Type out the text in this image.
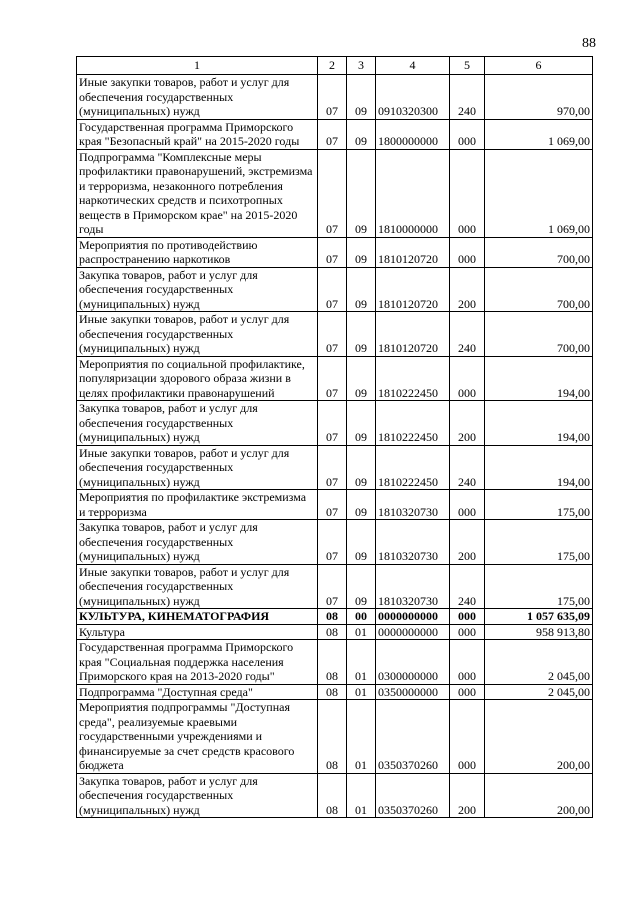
88
1	2	3	4	5	6
Иные закупки товаров, работ и услуг для обеспечения государственных (муниципальных) нужд	07	09	0910320300	240	970,00
Государственная программа Приморского края "Безопасный край" на 2015-2020 годы	07	09	1800000000	000	1 069,00
Подпрограмма "Комплексные меры профилактики правонарушений, экстремизма и терроризма, незаконного потребления наркотических средств и психотропных веществ в Приморском крае" на 2015-2020 годы	07	09	1810000000	000	1 069,00
Мероприятия по противодействию распространению наркотиков	07	09	1810120720	000	700,00
Закупка товаров, работ и услуг для обеспечения государственных (муниципальных) нужд	07	09	1810120720	200	700,00
Иные закупки товаров, работ и услуг для обеспечения государственных (муниципальных) нужд	07	09	1810120720	240	700,00
Мероприятия по социальной профилактике, популяризации здорового образа жизни в целях профилактики правонарушений	07	09	1810222450	000	194,00
Закупка товаров, работ и услуг для обеспечения государственных (муниципальных) нужд	07	09	1810222450	200	194,00
Иные закупки товаров, работ и услуг для обеспечения государственных (муниципальных) нужд	07	09	1810222450	240	194,00
Мероприятия по профилактике экстремизма и терроризма	07	09	1810320730	000	175,00
Закупка товаров, работ и услуг для обеспечения государственных (муниципальных) нужд	07	09	1810320730	200	175,00
Иные закупки товаров, работ и услуг для обеспечения государственных (муниципальных) нужд	07	09	1810320730	240	175,00
КУЛЬТУРА, КИНЕМАТОГРАФИЯ	08	00	0000000000	000	1 057 635,09
Культура	08	01	0000000000	000	958 913,80
Государственная программа Приморского края "Социальная поддержка населения Приморского края на 2013-2020 годы"	08	01	0300000000	000	2 045,00
Подпрограмма "Доступная среда"	08	01	0350000000	000	2 045,00
Мероприятия подпрограммы "Доступная среда", реализуемые краевыми государственными учреждениями и финансируемые за счет средств красового бюджета	08	01	0350370260	000	200,00
Закупка товаров, работ и услуг для обеспечения государственных (муниципальных) нужд	08	01	0350370260	200	200,00
